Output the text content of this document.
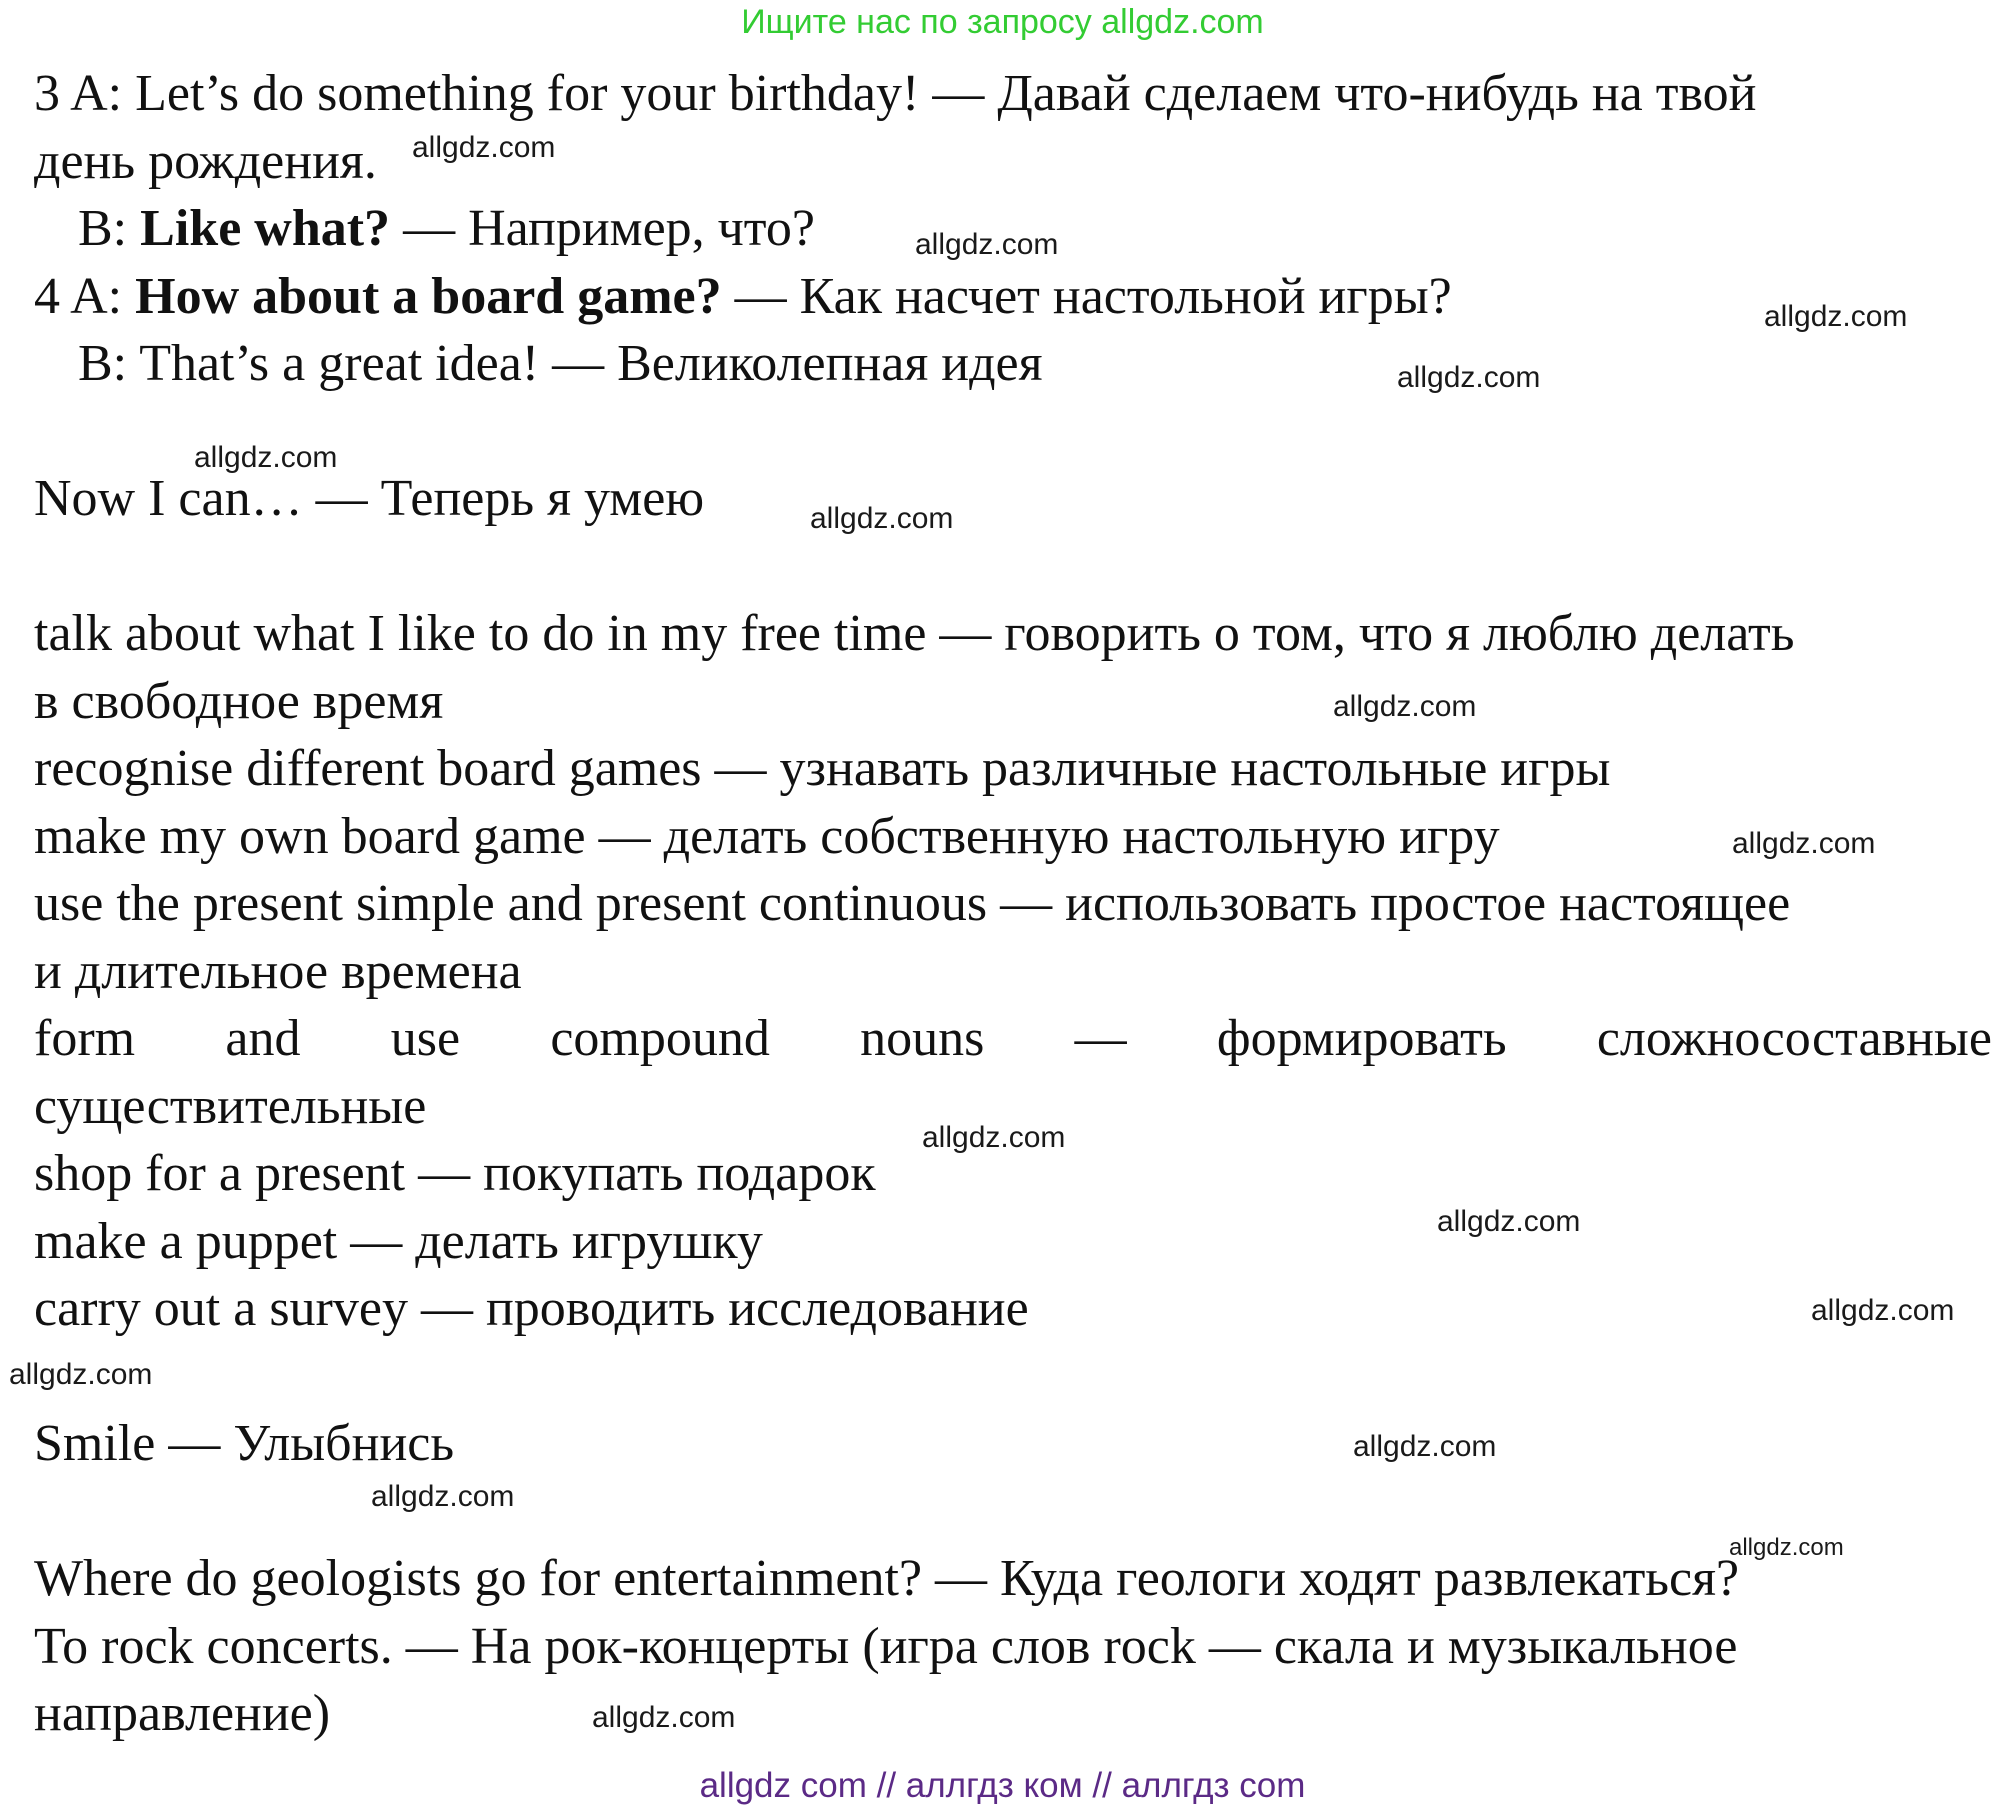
Ищите нас по запросу allgdz.com
3 A: Let’s do something for your birthday! — Давай сделаем что-нибудь на твой
день рождения.
B: Like what? — Например, что?
4 A: How about a board game? — Как насчет настольной игры?
B: That’s a great idea! — Великолепная идея
Now I can… — Теперь я умею
talk about what I like to do in my free time — говорить о том, что я люблю делать
в свободное время
recognise different board games — узнавать различные настольные игры
make my own board game — делать собственную настольную игру
use the present simple and present continuous — использовать простое настоящее
и длительное времена
form and use compound nouns — формировать сложносоставные
существительные
shop for a present — покупать подарок
make a puppet — делать игрушку
carry out a survey — проводить исследование
Smile — Улыбнись
Where do geologists go for entertainment? — Куда геологи ходят развлекаться?
To rock concerts. — На рок-концерты (игра слов rock — скала и музыкальное
направление)
allgdz.com
allgdz.com
allgdz.com
allgdz.com
allgdz.com
allgdz.com
allgdz.com
allgdz.com
allgdz.com
allgdz.com
allgdz.com
allgdz.com
allgdz.com
allgdz.com
allgdz.com
allgdz.com
allgdz com // аллгдз ком // аллгдз com
